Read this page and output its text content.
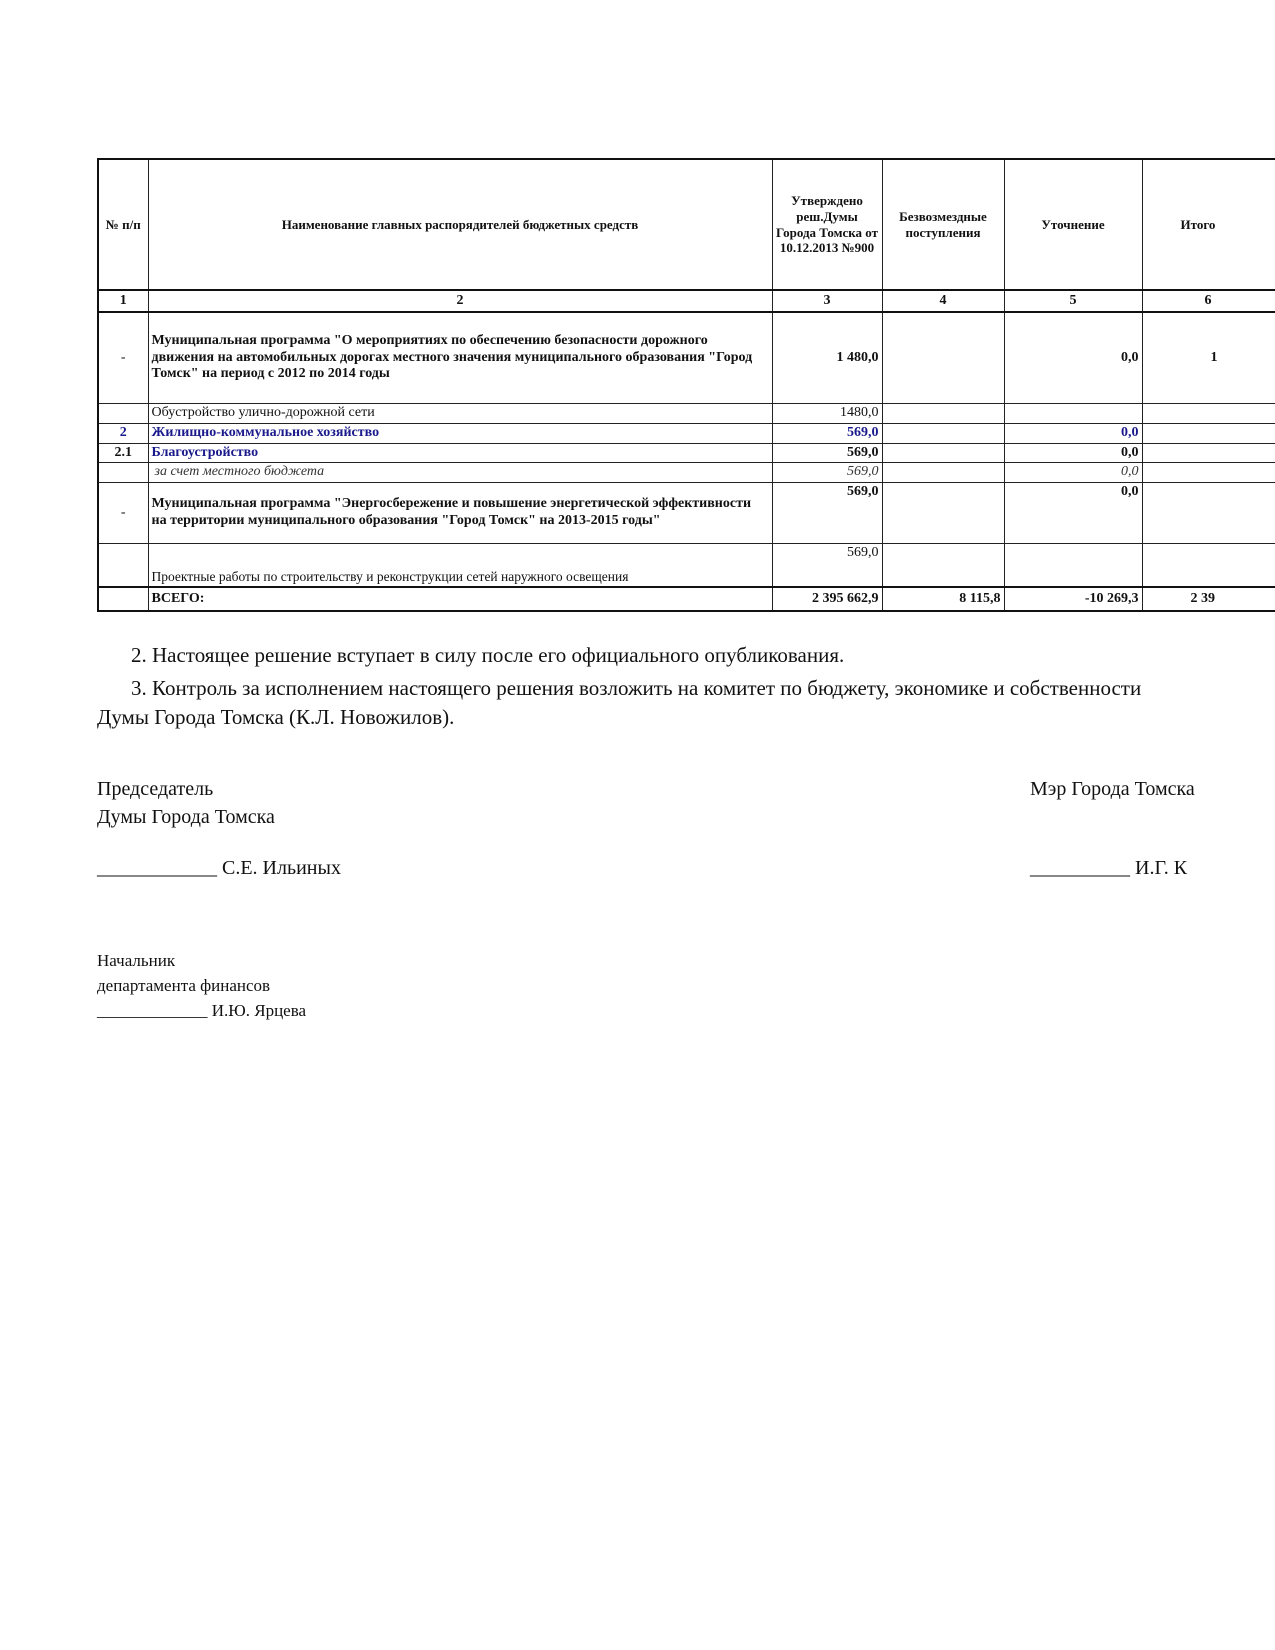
№ п/п	Наименование главных распорядителей бюджетных средств	Утверждено реш.Думы Города Томска от 10.12.2013 №900	Безвозмездные поступления	Уточнение	Итого
1	2	3	4	5	6
-	Муниципальная программа "О мероприятиях по обеспечению безопасности дорожного движения на автомобильных дорогах местного значения муниципального образования "Город Томск" на период с 2012 по 2014 годы	1 480,0		0,0	1
	Обустройство улично-дорожной сети	1480,0			
2	Жилищно-коммунальное хозяйство	569,0		0,0	
2.1	Благоустройство	569,0		0,0	
	за счет местного бюджета	569,0		0,0	
-	Муниципальная программа "Энергосбережение и повышение энергетической эффективности на территории муниципального образования "Город Томск" на 2013-2015 годы"	569,0		0,0	
	Проектные работы по строительству и реконструкции сетей наружного освещения	569,0			
	ВСЕГО:	2 395 662,9	8 115,8	-10 269,3	2 39
2. Настоящее решение вступает в силу после его официального опубликования.
3. Контроль за исполнением настоящего решения возложить на комитет по бюджету, экономике и собственности
Думы Города Томска (К.Л. Новожилов).
Председатель
Думы Города Томска
____________ С.Е. Ильиных
Мэр Города Томска
__________ И.Г. К
Начальник
департамента финансов
_____________ И.Ю. Ярцева
